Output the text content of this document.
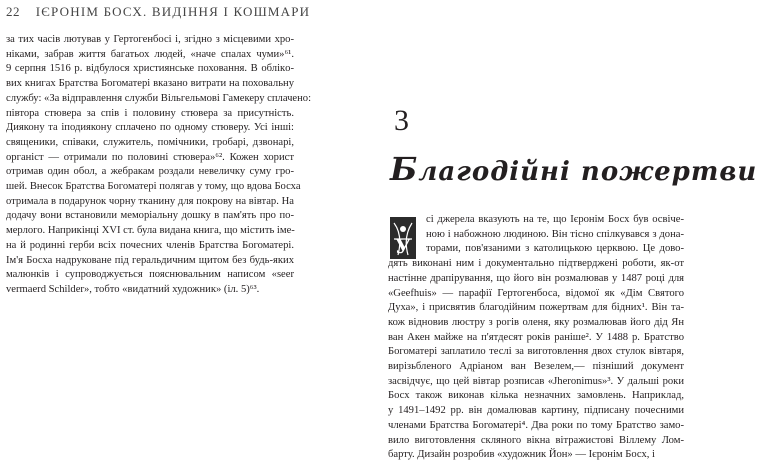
22 ІЄРОНІМ БОСХ. ВИДІННЯ І КОШМАРИ
за тих часів лютував у Гертогенбосі і, згідно з місцевими хро-
ніками, забрав життя багатьох людей, «наче спалах чуми»⁶¹.
9 серпня 1516 р. відбулося християнське поховання. В облікo-
вих книгах Братства Богоматері вказано витрати на поховальну
службу: «За відправлення служби Вільгельмові Гамекеру сплачено:
півтора стювера за спів і половину стювера за присутність.
Дияконy та іподияконy сплачено по одному стюверу. Усі інші:
священики, співаки, служитель, помічники, гробарі, дзвонарі,
органіст — отримали по половині стювера»⁶². Кожен хорист
отримав один обол, а жебракам роздали невеличку суму гро-
шей. Внесок Братства Богоматері полягав у тому, що вдова Босха
отримала в подарунок чорну тканину для покрову на вівтар. На
додачу вони встановили меморіальну дошку в пам'ять про по-
мерлого. Наприкінці XVI ст. була видана книга, що містить іме-
на й родинні герби всіх почесних членів Братства Богоматері.
Ім'я Босха надруковане під геральдичним щитом без будь-яких
малюнків і супроводжується пояснювальним написом «seer
vermaerd Schilder», тобто «видатний художник» (іл. 5)⁶³.
3
Благодійні пожертви
У
сі джерела вказують на те, що Ієронім Босх був освіче-
ною і набожною людиною. Він тісно спілкувався з дона-
торами, пов'язаними з католицькою церквою. Це дово-
дять виконані ним і документально підтверджені роботи, як-от
настінне драпірування, що його він розмалював у 1487 році для
«Geefhuis» — парафії Гертогенбоса, відомої як «Дім Святого
Духа», і присвятив благодійним пожертвам для бідних¹. Він та-
кож відновив люстру з рогів оленя, яку розмалював його дід Ян
ван Акен майже на п'ятдесят років раніше². У 1488 р. Братство
Богоматері заплатило теслі за виготовлення двох стулок вівтаря,
вирізьбленого Адріаном ван Везелем,— пізніший документ
засвідчує, що цей вівтар розписав «Jheronimus»³. У дальші роки
Босх також виконав кілька незначних замовлень. Наприклад,
у 1491–1492 рр. він домалював картину, підписану почесними
членами Братства Богоматері⁴. Два роки по тому Братство замо-
вило виготовлення скляного вікна вітражистові Віллему Лом-
барту. Дизайн розробив «художник Йон» — Ієронім Босх, і
